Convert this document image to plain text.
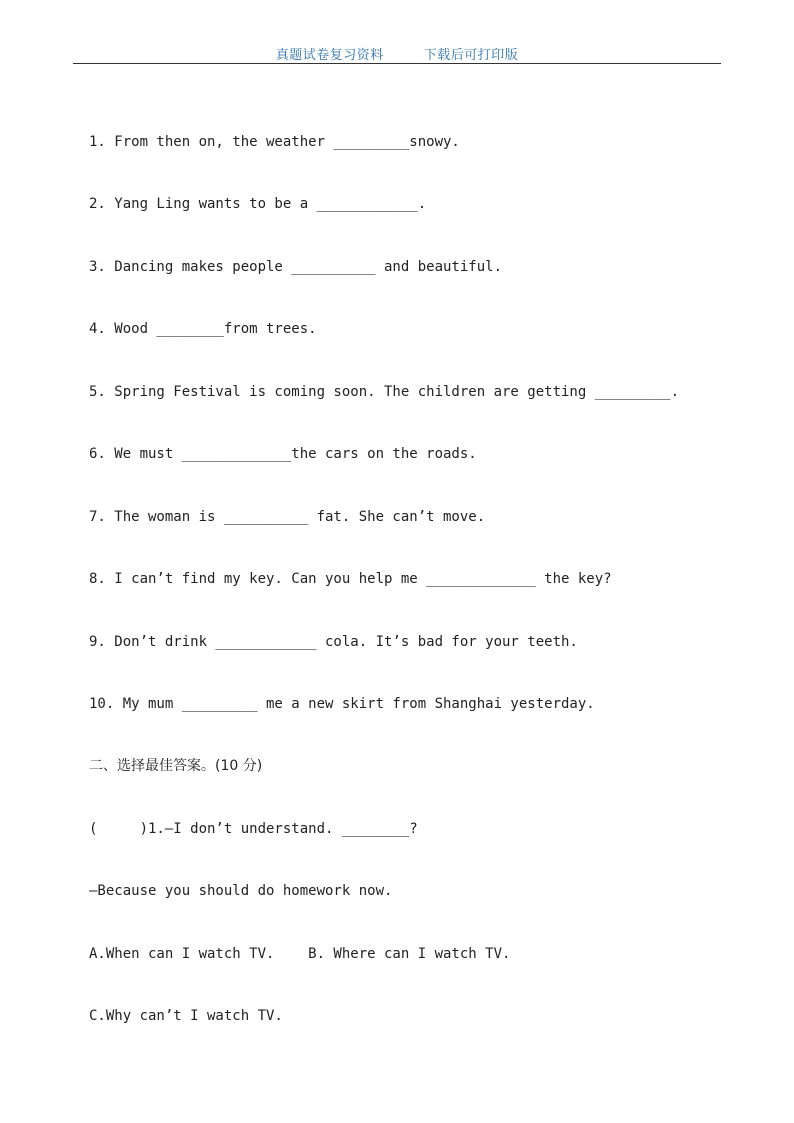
真题试卷复习资料	下载后可打印版
1. From then on, the weather _________snowy.
2. Yang Ling wants to be a ____________.
3. Dancing makes people __________ and beautiful.
4. Wood ________from trees.
5. Spring Festival is coming soon. The children are getting _________.
6. We must _____________the cars on the roads.
7. The woman is __________ fat. She can’t move.
8. I can’t find my key. Can you help me _____________ the key?
9. Don’t drink ____________ cola. It’s bad for your teeth.
10. My mum _________ me a new skirt from Shanghai yesterday.
二、选择最佳答案。(10 分)
(     )1.—I don’t understand. ________?
—Because you should do homework now.
A.When can I watch TV.    B. Where can I watch TV.
C.Why can’t I watch TV.
